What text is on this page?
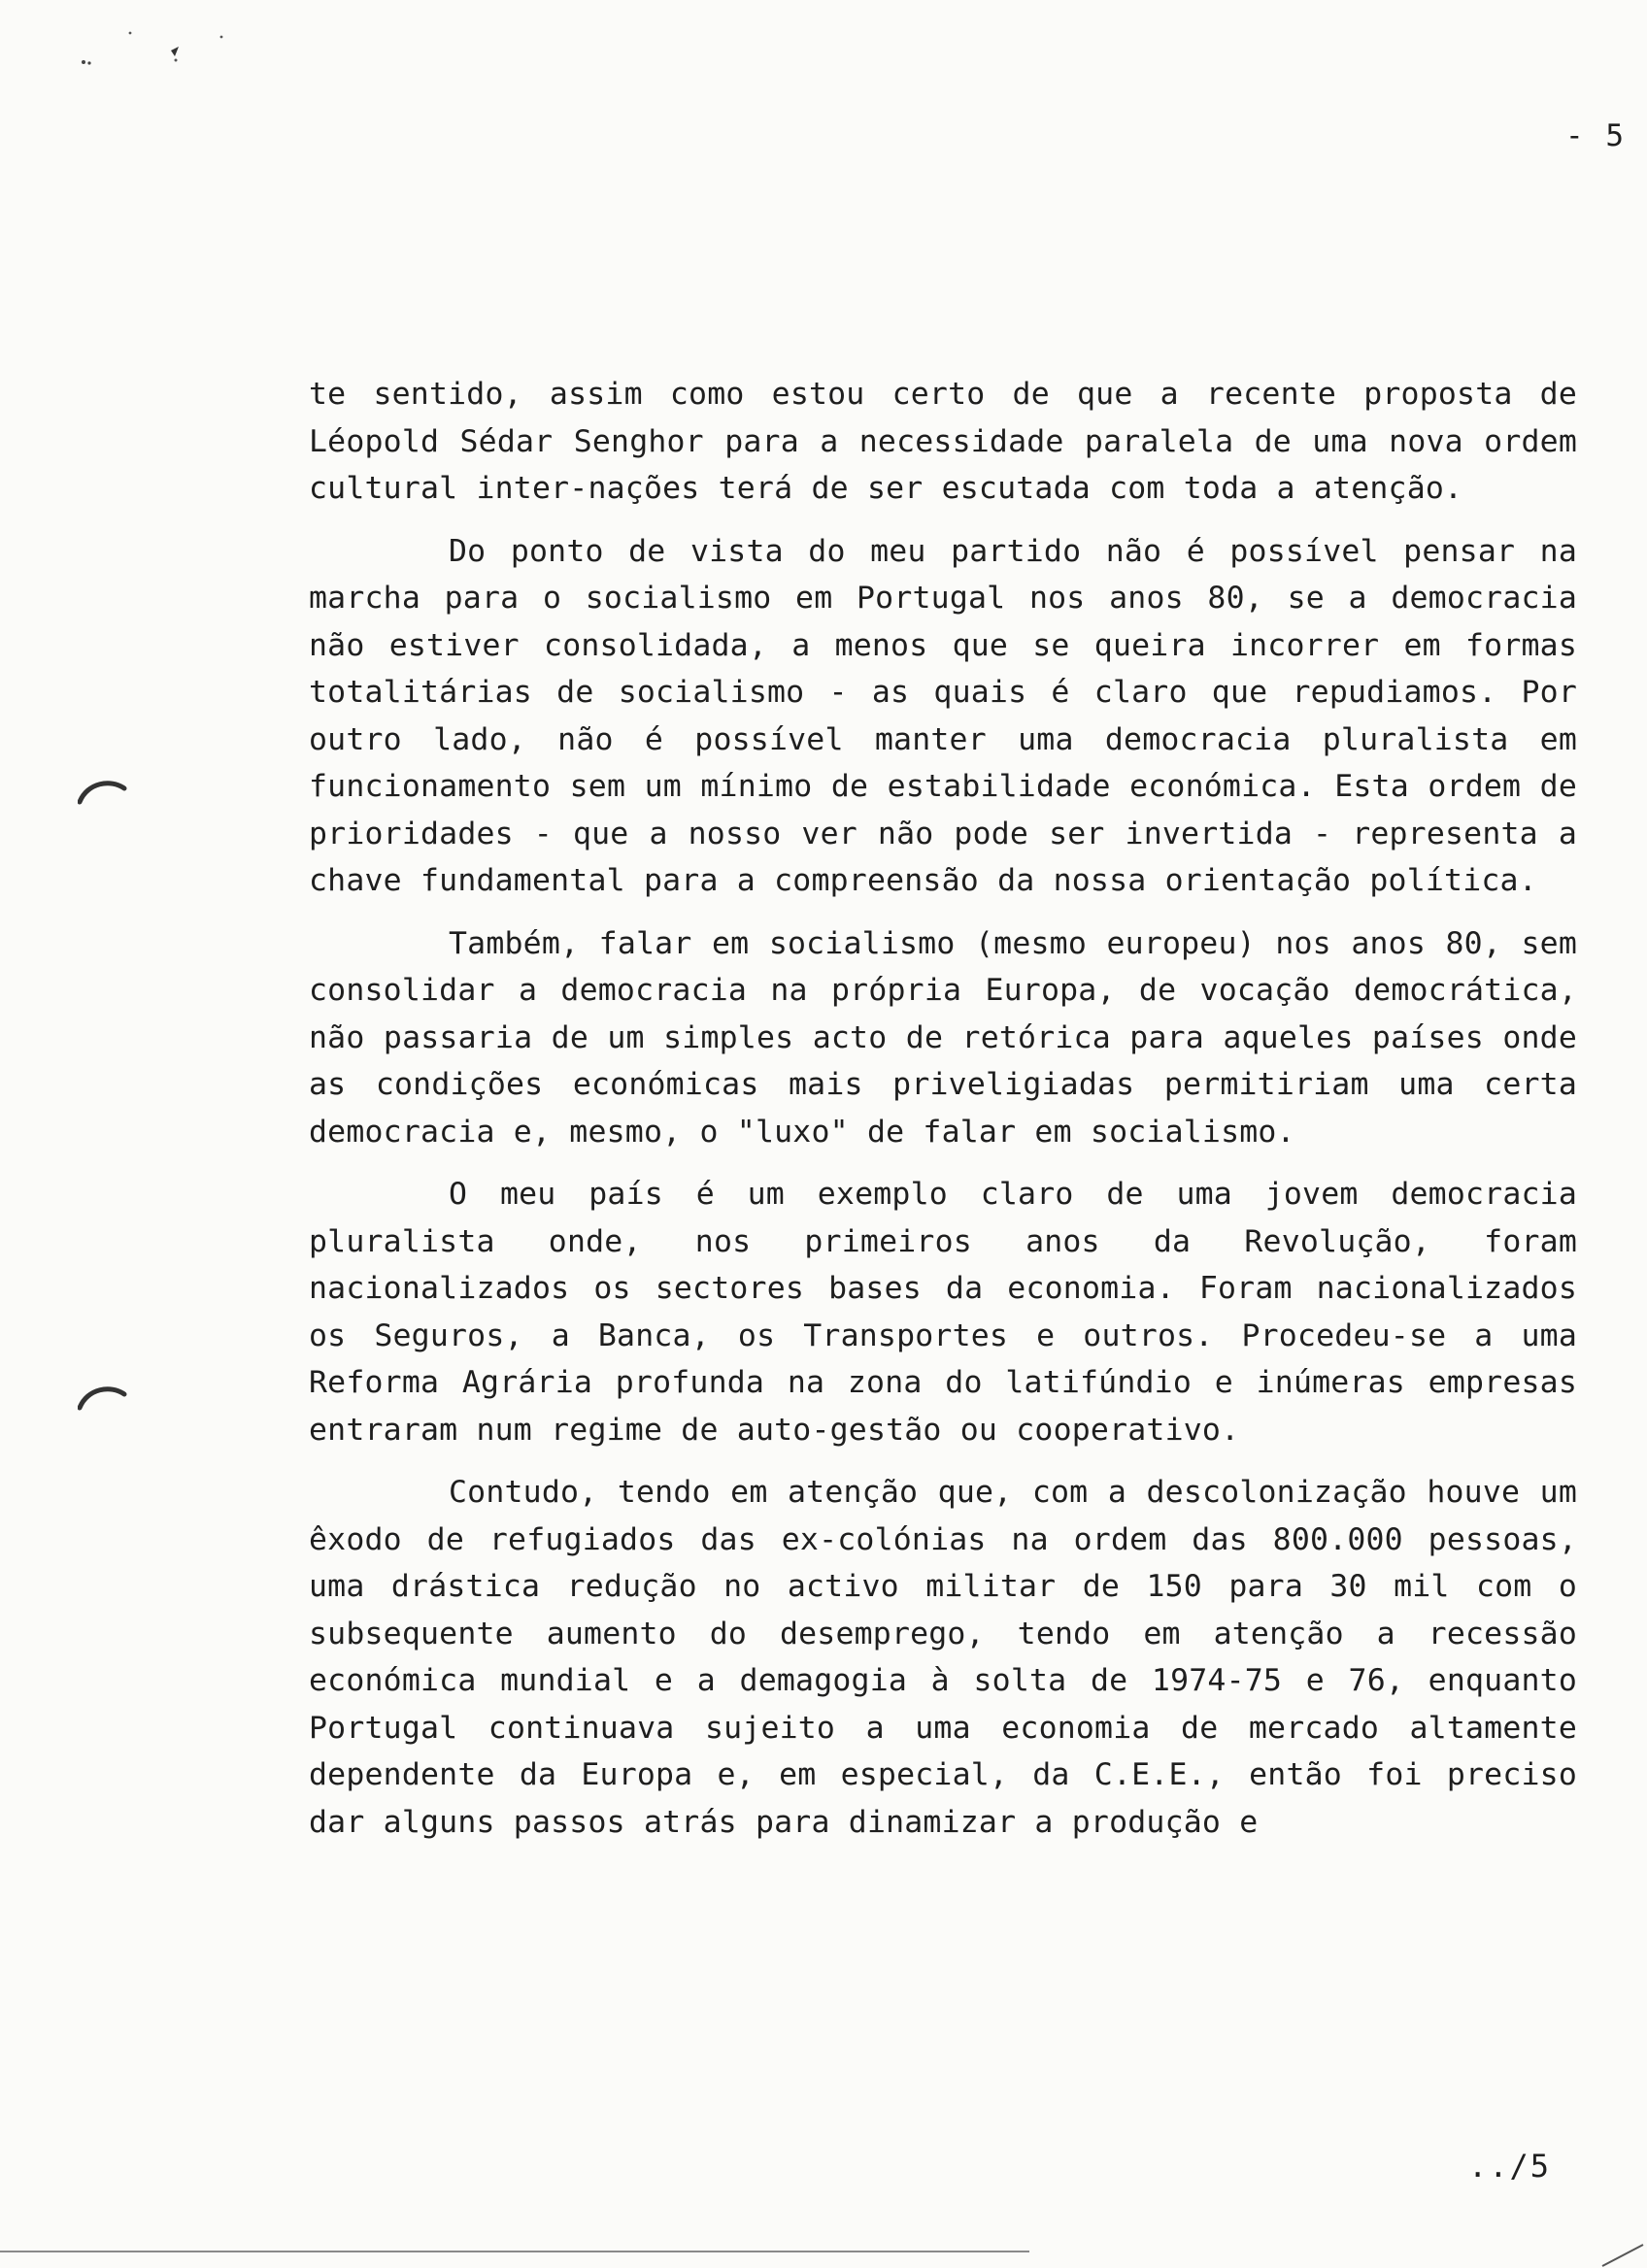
- 5

te sentido, assim como estou certo de que a recente proposta de Léopold Sédar Senghor para a necessidade paralela de uma nova ordem cultural inter-nações terá de ser escutada com toda a atenção.

Do ponto de vista do meu partido não é possível pensar na marcha para o socialismo em Portugal nos anos 80, se a democracia não estiver consolidada, a menos que se queira incorrer em formas totalitárias de socialismo - as quais é claro que repudiamos. Por outro lado, não é possível manter uma democracia pluralista em funcionamento sem um mínimo de estabilidade económica. Esta ordem de prioridades - que a nosso ver não pode ser invertida - representa a chave fundamental para a compreensão da nossa orientação política.

Também, falar em socialismo (mesmo europeu) nos anos 80, sem consolidar a democracia na própria Europa, de vocação democrática, não passaria de um simples acto de retórica para aqueles países onde as condições económicas mais priveligiadas permitiriam uma certa democracia e, mesmo, o "luxo" de falar em socialismo.

O meu país é um exemplo claro de uma jovem democracia pluralista onde, nos primeiros anos da Revolução, foram nacionalizados os sectores bases da economia. Foram nacionalizados os Seguros, a Banca, os Transportes e outros. Procedeu-se a uma Reforma Agrária profunda na zona do latifúndio e inúmeras empresas entraram num regime de auto-gestão ou cooperativo.

Contudo, tendo em atenção que, com a descolonização houve um êxodo de refugiados das ex-colónias na ordem das 800.000 pessoas, uma drástica redução no activo militar de 150 para 30 mil com o subsequente aumento do desemprego, tendo em atenção a recessão económica mundial e a demagogia à solta de 1974-75 e 76, enquanto Portugal continuava sujeito a uma economia de mercado altamente dependente da Europa e, em especial, da C.E.E., então foi preciso dar alguns passos atrás para dinamizar a produção e

../5
